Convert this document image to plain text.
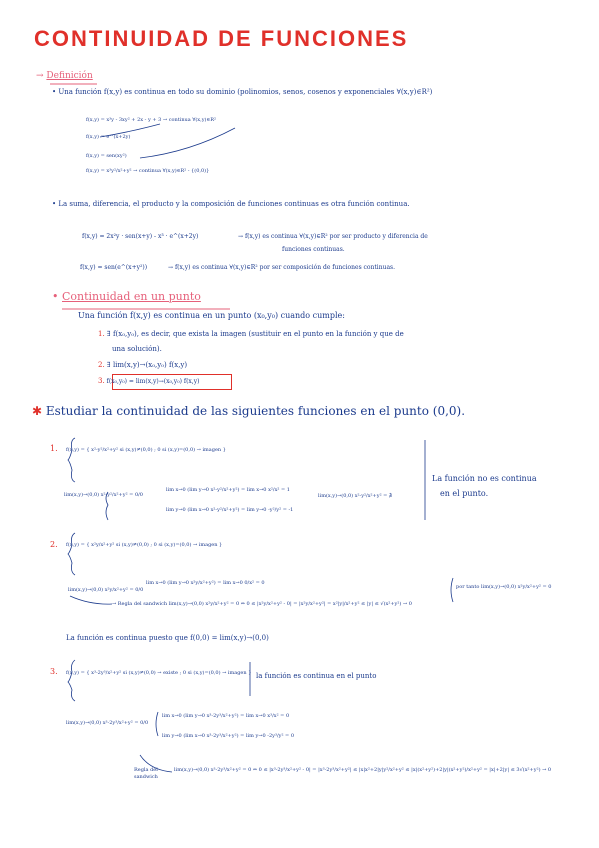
CONTINUIDAD DE FUNCIONES
→ Definición
• Una función f(x,y) es continua en todo su dominio (polinomios, senos, cosenos y exponenciales ∀(x,y)∈R²)
f(x,y) = x³y - 3xy² + 2x - y + 3 → continua ∀(x,y)∈R²
f(x,y) = e^(x+2y)
f(x,y) = sen(xy²)
f(x,y) = x³y²/x²+y² → continua ∀(x,y)∈R² - {(0,0)}
• La suma, diferencia, el producto y la composición de funciones continuas es otra función continua.
f(x,y) = 2x²y · sen(x+y) - x³ · e^(x+2y)	→ f(x,y) es continua ∀(x,y)∈R² por ser producto y diferencia de
funciones continuas.
f(x,y) = sen(e^(x+y²))	→ f(x,y) es continua ∀(x,y)∈R² por ser composición de funciones continuas.
• Continuidad en un punto
Una función f(x,y) es continua en un punto (x₀,y₀) cuando cumple:
1. ∃ f(x₀,y₀), es decir, que exista la imagen (sustituir en el punto en la función y que de
una solución).
2. ∃ lim(x,y)→(x₀,y₀) f(x,y)
3. f(x₀,y₀) = lim(x,y)→(x₀,y₀) f(x,y)
✱ Estudiar la continuidad de las siguientes funciones en el punto (0,0).
1. f(x,y) = { x²-y²/x²+y² si (x,y)≠(0,0) ; 0 si (x,y)=(0,0) → imagen }
lim(x,y)→(0,0) x²-y²/x²+y² = 0/0
lim x→0 (lim y→0 x²-y²/x²+y²) = lim x→0 x²/x² = 1
lim y→0 (lim x→0 x²-y²/x²+y²) = lim y→0 -y²/y² = -1
lim(x,y)→(0,0) x²-y²/x²+y² = ∄
La función no es continua
en el punto.
2. f(x,y) = { x²y/x²+y² si (x,y)≠(0,0) ; 0 si (x,y)=(0,0) → imagen }
lim(x,y)→(0,0) x²y/x²+y² = 0/0
lim x→0 (lim y→0 x²y/x²+y²) = lim x→0 0/x² = 0
→ Regla del sandwich lim(x,y)→(0,0) x²y/x²+y² = 0 ⇔ 0 ≤ |x²y/x²+y² - 0| = |x²y/x²+y²| = x²|y|/x²+y² ≤ |y| ≤ √(x²+y²) → 0
por tanto lim(x,y)→(0,0) x²y/x²+y² = 0
La función es continua puesto que f(0,0) = lim(x,y)→(0,0)
3. f(x,y) = { x³-2y³/x²+y² si (x,y)≠(0,0) → existe ; 0 si (x,y)=(0,0) → imagen } la función es continua en el punto
lim(x,y)→(0,0) x³-2y³/x²+y² = 0/0
lim x→0 (lim y→0 x³-2y³/x²+y²) = lim x→0 x³/x² = 0
lim y→0 (lim x→0 x³-2y³/x²+y²) = lim y→0 -2y³/y² = 0
Regla del sandwich
lim(x,y)→(0,0) x³-2y³/x²+y² = 0 ⇔ 0 ≤ |x³-2y³/x²+y² - 0| = |x³-2y³/x²+y²| ≤ |x|x²+2|y|y²/x²+y² ≤ |x|(x²+y²)+2|y|(x²+y²)/x²+y² = |x|+2|y| ≤ 3√(x²+y²) → 0
